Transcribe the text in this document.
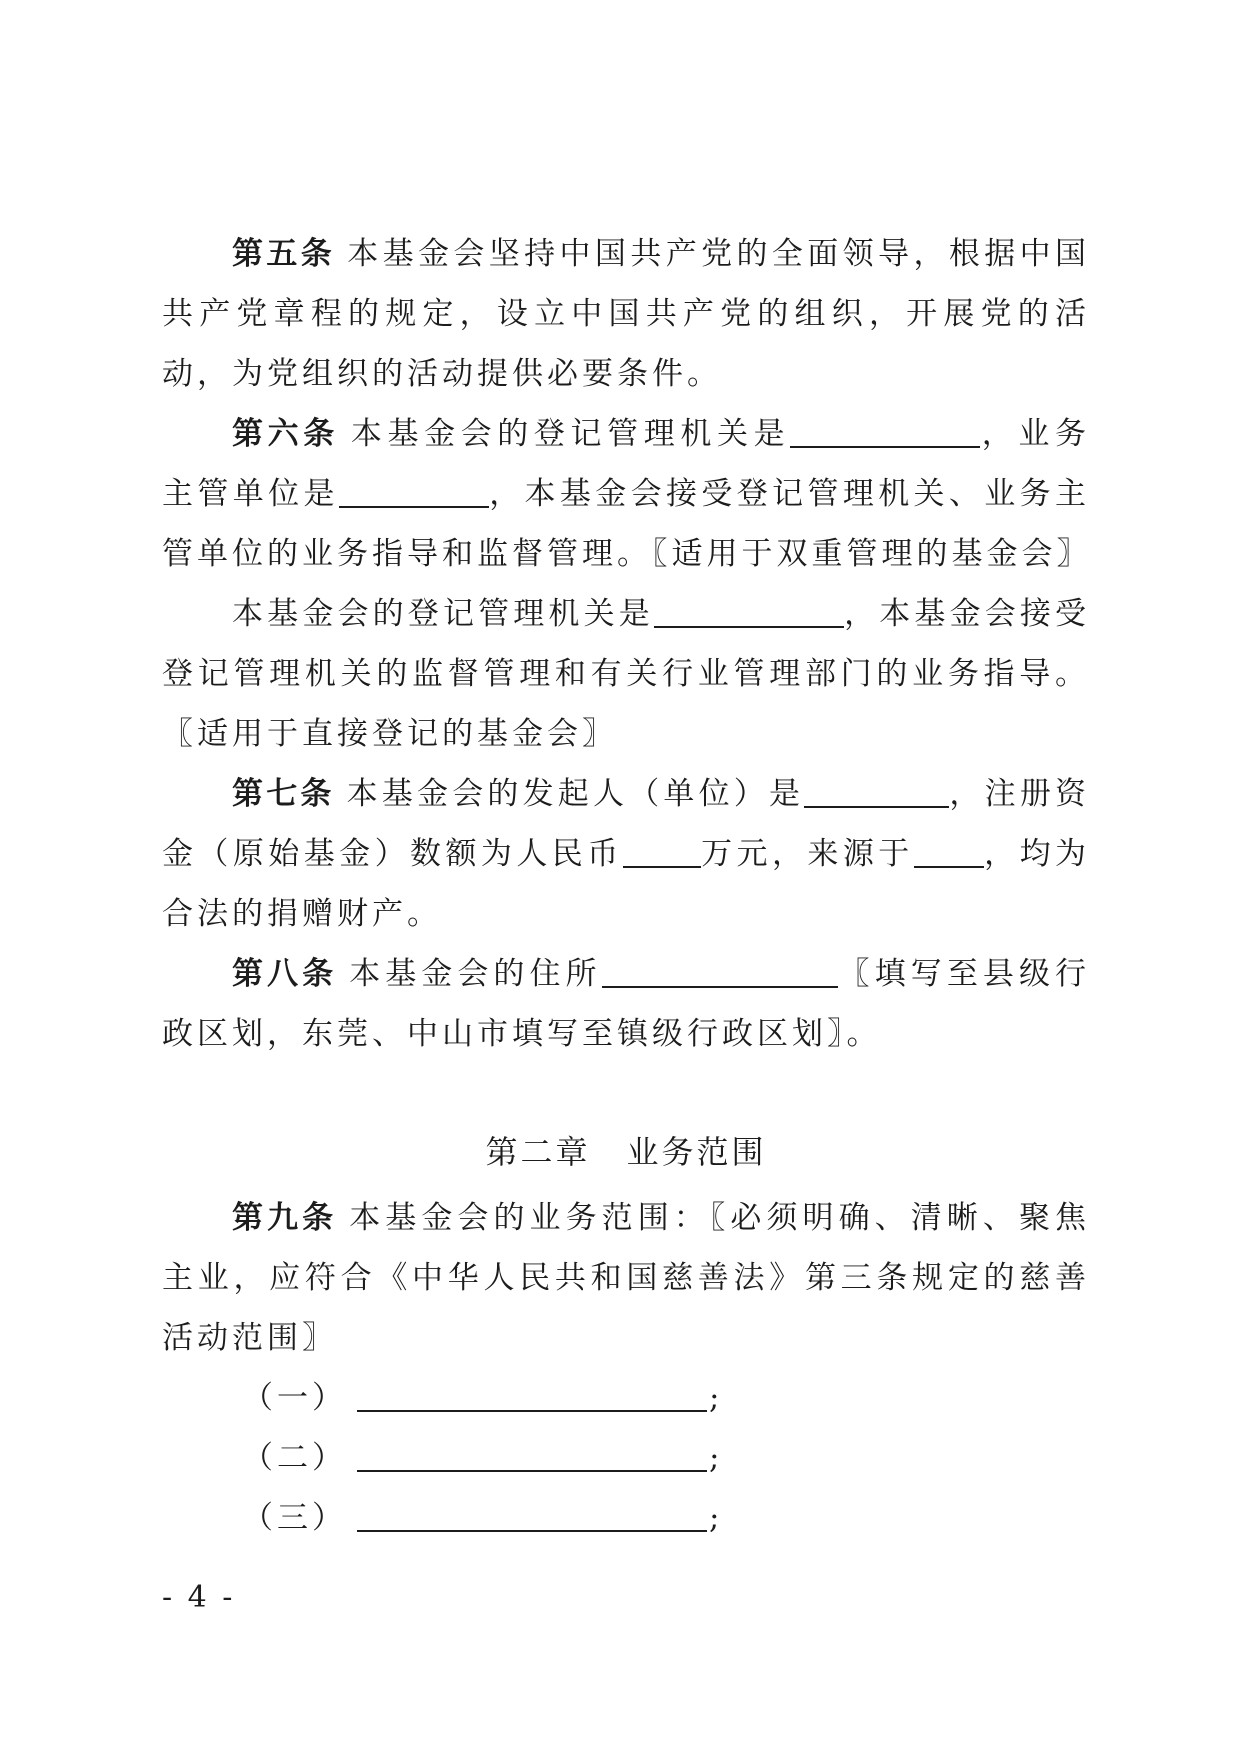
第五条 本基金会坚持中国共产党的全面领导，根据中国共产党章程的规定，设立中国共产党的组织，开展党的活动，为党组织的活动提供必要条件。

第六条 本基金会的登记管理机关是	，业务主管单位是	，本基金会接受登记管理机关、业务主管单位的业务指导和监督管理。〖适用于双重管理的基金会〗

本基金会的登记管理机关是	，本基金会接受登记管理机关的监督管理和有关行业管理部门的业务指导。〖适用于直接登记的基金会〗

第七条 本基金会的发起人（单位）是	，注册资金（原始基金）数额为人民币	万元，来源于 ，均为合法的捐赠财产。

第八条 本基金会的住所	〖填写至县级行政区划，东莞、中山市填写至镇级行政区划〗。

第二章 业务范围

第九条 本基金会的业务范围：〖必须明确、清晰、聚焦主业，应符合《中华人民共和国慈善法》第三条规定的慈善活动范围〗

（一）	;
（二）	;
（三）	;
- 4 -
